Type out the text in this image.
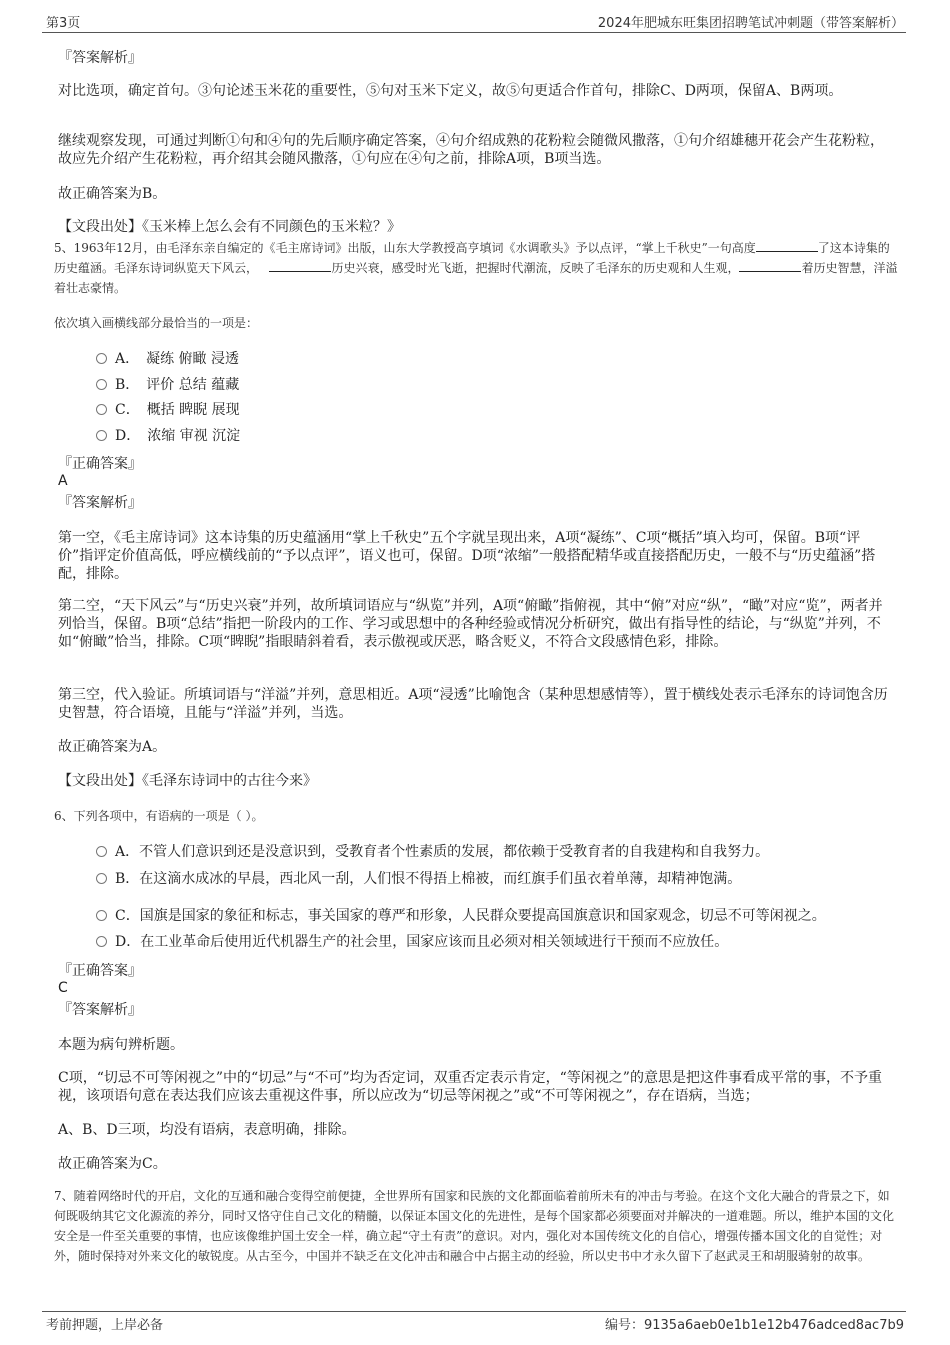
第3页	2024年肥城东旺集团招聘笔试冲刺题（带答案解析）
『答案解析』

对比选项，确定首句。③句论述玉米花的重要性，⑤句对玉米下定义，故⑤句更适合作首句，排除C、D两项，保留A、B两项。

继续观察发现，可通过判断①句和④句的先后顺序确定答案，④句介绍成熟的花粉粒会随微风撒落，①句介绍雄穗开花会产生花粉粒，故应先介绍产生花粉粒，再介绍其会随风撒落，①句应在④句之前，排除A项，B项当选。

故正确答案为B。

【文段出处】《玉米棒上怎么会有不同颜色的玉米粒？》

5、1963年12月，由毛泽东亲自编定的《毛主席诗词》出版，山东大学教授高亨填词《水调歌头》予以点评，“掌上千秋史”一句高度	了这本诗集的历史蕴涵。毛泽东诗词纵览天下风云，	历史兴衰，感受时光飞逝，把握时代潮流，反映了毛泽东的历史观和人生观，	着历史智慧，洋溢着壮志豪情。
依次填入画横线部分最恰当的一项是：
A．　凝练 俯瞰 浸透
B．　评价 总结 蕴藏
C．　概括 睥睨 展现
D．　浓缩 审视 沉淀
『正确答案』
A
『答案解析』

第一空，《毛主席诗词》这本诗集的历史蕴涵用“掌上千秋史”五个字就呈现出来，A项“凝练”、C项“概括”填入均可，保留。B项“评价”指评定价值高低，呼应横线前的“予以点评”，语义也可，保留。D项“浓缩”一般搭配精华或直接搭配历史，一般不与“历史蕴涵”搭配，排除。

第二空，“天下风云”与“历史兴衰”并列，故所填词语应与“纵览”并列，A项“俯瞰”指俯视，其中“俯”对应“纵”，“瞰”对应“览”，两者并列恰当，保留。B项“总结”指把一阶段内的工作、学习或思想中的各种经验或情况分析研究，做出有指导性的结论，与“纵览”并列，不如“俯瞰”恰当，排除。C项“睥睨”指眼睛斜着看，表示傲视或厌恶，略含贬义，不符合文段感情色彩，排除。

第三空，代入验证。所填词语与“洋溢”并列，意思相近。A项“浸透”比喻饱含（某种思想感情等），置于横线处表示毛泽东的诗词饱含历史智慧，符合语境，且能与“洋溢”并列，当选。

故正确答案为A。

【文段出处】《毛泽东诗词中的古往今来》

6、下列各项中，有语病的一项是（ ）。
A．不管人们意识到还是没意识到，受教育者个性素质的发展，都依赖于受教育者的自我建构和自我努力。
B．在这滴水成冰的早晨，西北风一刮，人们恨不得捂上棉被，而红旗手们虽衣着单薄，却精神饱满。
C．国旗是国家的象征和标志，事关国家的尊严和形象，人民群众要提高国旗意识和国家观念，切忌不可等闲视之。
D．在工业革命后使用近代机器生产的社会里，国家应该而且必须对相关领域进行干预而不应放任。
『正确答案』
C
『答案解析』

本题为病句辨析题。

C项，“切忌不可等闲视之”中的“切忌”与“不可”均为否定词，双重否定表示肯定，“等闲视之”的意思是把这件事看成平常的事，不予重视，该项语句意在表达我们应该去重视这件事，所以应改为“切忌等闲视之”或“不可等闲视之”，存在语病，当选；

A、B、D三项，均没有语病，表意明确，排除。

故正确答案为C。

7、随着网络时代的开启，文化的互通和融合变得空前便捷，全世界所有国家和民族的文化都面临着前所未有的冲击与考验。在这个文化大融合的背景之下，如何既吸纳其它文化源流的养分，同时又恪守住自己文化的精髓，以保证本国文化的先进性，是每个国家都必须要面对并解决的一道难题。所以，维护本国的文化安全是一件至关重要的事情，也应该像维护国土安全一样，确立起“守土有责”的意识。对内，强化对本国传统文化的自信心，增强传播本国文化的自觉性；对外，随时保持对外来文化的敏锐度。从古至今，中国并不缺乏在文化冲击和融合中占据主动的经验，所以史书中才永久留下了赵武灵王和胡服骑射的故事。

考前押题，上岸必备	编号：9135a6aeb0e1b1e12b476adced8ac7b9
